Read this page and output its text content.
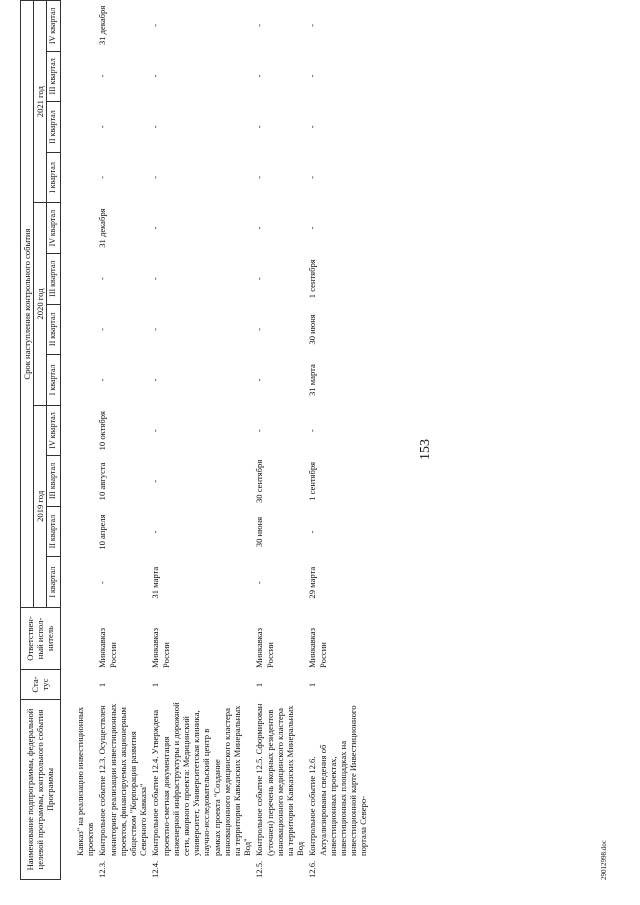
153
Наименование подпрограммы, федеральной целевой программы, контрольного события Программы	Ста-тус	Ответствен-ный испол-нитель	Срок наступления контрольного события											
			2019 год				2020 год				2021 год			
			I квартал	II квартал	III квартал	IV квартал	I квартал	II квартал	III квартал	IV квартал	I квартал	II квартал	III квартал	IV квартал
	Кавказ" на реализацию инвестиционных проектов			

12.3.	Контрольное событие 12.3. Осуществлен мониторинг реализации инвестиционных проектов, финансируемых акционерным обществом "Корпорация развития Северного Кавказа"	1	Минкавказ России	-	10 апреля	10 августа	10 октября	-	-	-	31 декабря	-	-	-	31 декабря

12.4.	Контрольное событие 12.4. Утверждена проектно-сметная документация инженерной инфраструктуры и дорожной сети, якорного проекта: Медицинский университет, Университетская клиника, научно-исследовательский центр в рамках проекта "Создание инновационного медицинского кластера на территории Кавказских Минеральных Вод"	1	Минкавказ России	31 марта	-	-	-	-	-	-	-	-	-	-	-

12.5.	Контрольное событие 12.5. Сформирован (уточнен) перечень якорных резидентов инновационного медицинского кластера на территории Кавказских Минеральных Вод	1	Минкавказ России	-	30 июня	30 сентября	-	-	-	-	-	-	-	-	-

12.6.	Контрольное событие 12.6. Актуализированы сведения об инвестиционных проектах, инвестиционных площадках на инвестиционной карте Инвестиционного портала Северо-	1	Минкавказ России	29 марта	-	1 сентября	-	31 марта	30 июня	1 сентября	-	-	-	-	-
29012998.doc
